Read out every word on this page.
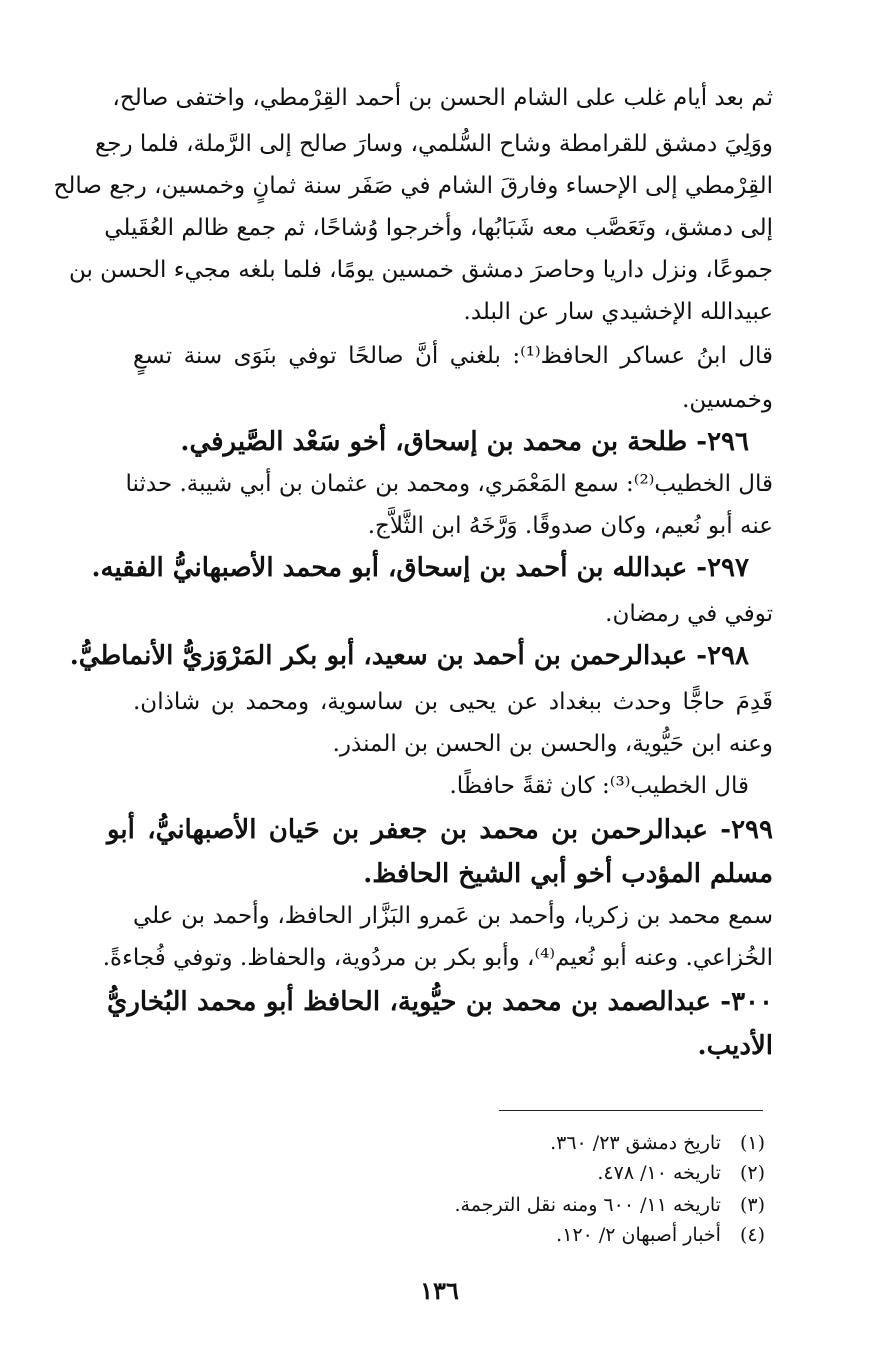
ثم بعد أيام غلب على الشام الحسن بن أحمد القِرْمطي، واختفى صالح،
ووَلِيَ دمشق للقرامطة وشاح السُّلمي، وسارَ صالح إلى الرَّملة، فلما رجع
القِرْمطي إلى الإحساء وفارقَ الشام في صَفَر سنة ثمانٍ وخمسين، رجع صالح
إلى دمشق، وتَعَصَّب معه شَبَابُها، وأخرجوا وُشاحًا، ثم جمع ظالم العُقَيلي
جموعًا، ونزل داريا وحاصرَ دمشق خمسين يومًا، فلما بلغه مجيء الحسن بن
عبيدالله الإخشيدي سار عن البلد.
قال ابنُ عساكر الحافظ⁽¹⁾: بلغني أنَّ صالحًا توفي بنَوَى سنة تسعٍ
وخمسين.
٢٩٦- طلحة بن محمد بن إسحاق، أخو سَعْد الصَّيرفي.
قال الخطيب⁽²⁾: سمع المَعْمَري، ومحمد بن عثمان بن أبي شيبة. حدثنا
عنه أبو نُعيم، وكان صدوقًا. وَرَّخَهُ ابن الثَّلاَّج.
٢٩٧- عبدالله بن أحمد بن إسحاق، أبو محمد الأصبهانيُّ الفقيه.
توفي في رمضان.
٢٩٨- عبدالرحمن بن أحمد بن سعيد، أبو بكر المَرْوَزيُّ الأنماطيُّ.
قَدِمَ حاجًّا وحدث ببغداد عن يحيى بن ساسوية، ومحمد بن شاذان.
وعنه ابن حَيُّوية، والحسن بن الحسن بن المنذر.
قال الخطيب⁽³⁾: كان ثقةً حافظًا.
٢٩٩- عبدالرحمن بن محمد بن جعفر بن حَيان الأصبهانيُّ، أبو
مسلم المؤدب أخو أبي الشيخ الحافظ.
سمع محمد بن زكريا، وأحمد بن عَمرو البَزَّار الحافظ، وأحمد بن علي
الخُزاعي. وعنه أبو نُعيم⁽⁴⁾، وأبو بكر بن مردُوية، والحفاظ. وتوفي فُجاءةً.
٣٠٠- عبدالصمد بن محمد بن حيُّوية، الحافظ أبو محمد البُخاريُّ
الأديب.
(١) تاريخ دمشق ٢٣/ ٣٦٠.
(٢) تاريخه ١٠/ ٤٧٨.
(٣) تاريخه ١١/ ٦٠٠ ومنه نقل الترجمة.
(٤) أخبار أصبهان ٢/ ١٢٠.
١٣٦
